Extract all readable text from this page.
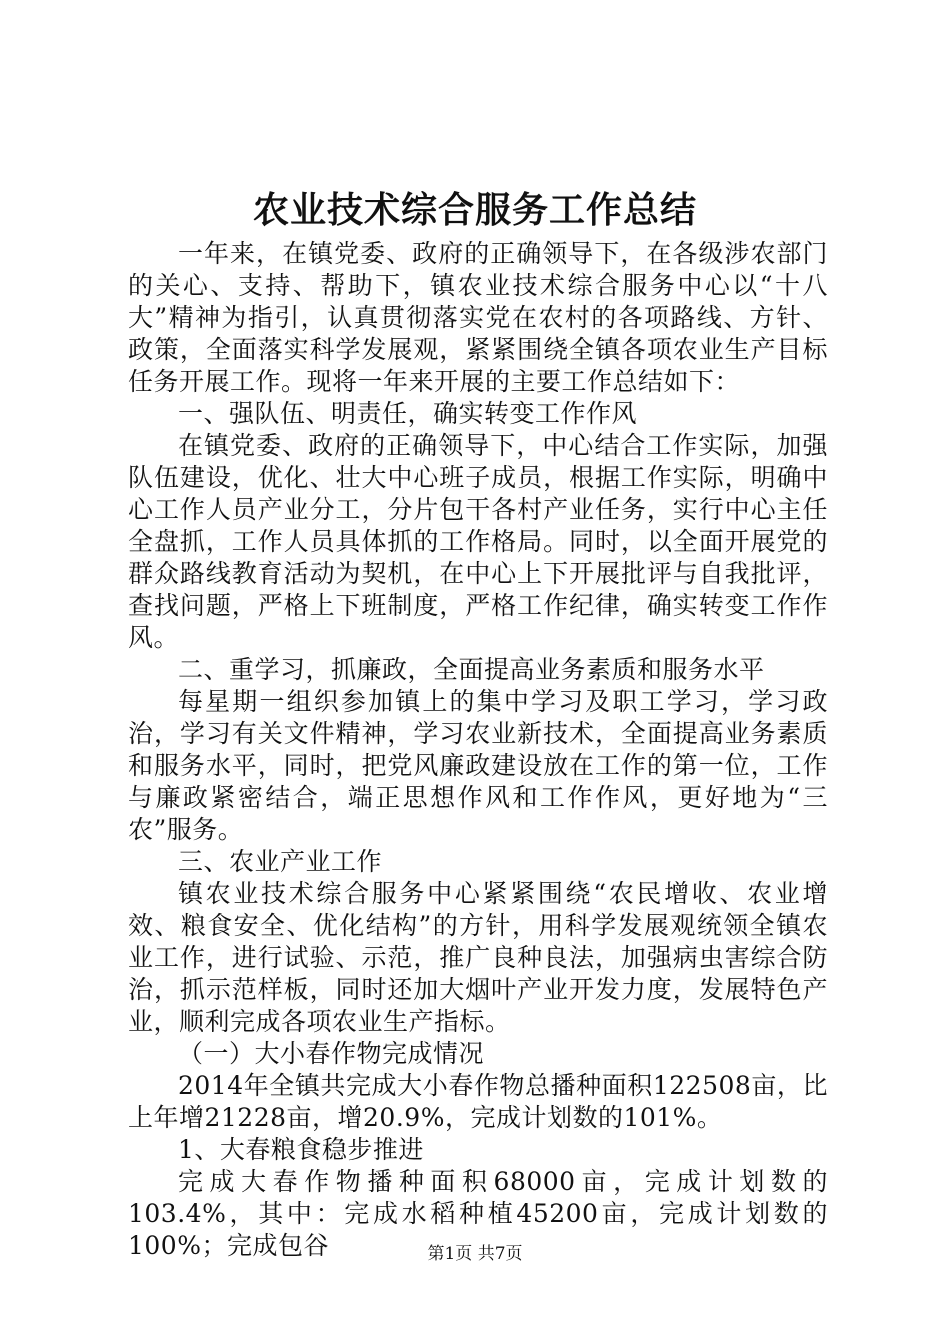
农业技术综合服务工作总结

一年来，在镇党委、政府的正确领导下，在各级涉农部门的关心、支持、帮助下，镇农业技术综合服务中心以“十八大”精神为指引，认真贯彻落实党在农村的各项路线、方针、政策，全面落实科学发展观，紧紧围绕全镇各项农业生产目标任务开展工作。现将一年来开展的主要工作总结如下：

一、强队伍、明责任，确实转变工作作风

在镇党委、政府的正确领导下，中心结合工作实际，加强队伍建设，优化、壮大中心班子成员，根据工作实际，明确中心工作人员产业分工，分片包干各村产业任务，实行中心主任全盘抓，工作人员具体抓的工作格局。同时，以全面开展党的群众路线教育活动为契机，在中心上下开展批评与自我批评，查找问题，严格上下班制度，严格工作纪律，确实转变工作作风。

二、重学习，抓廉政，全面提高业务素质和服务水平

每星期一组织参加镇上的集中学习及职工学习，学习政治，学习有关文件精神，学习农业新技术，全面提高业务素质和服务水平，同时，把党风廉政建设放在工作的第一位，工作与廉政紧密结合，端正思想作风和工作作风，更好地为“三农”服务。

三、农业产业工作

镇农业技术综合服务中心紧紧围绕“农民增收、农业增效、粮食安全、优化结构”的方针，用科学发展观统领全镇农业工作，进行试验、示范，推广良种良法，加强病虫害综合防治，抓示范样板，同时还加大烟叶产业开发力度，发展特色产业，顺利完成各项农业生产指标。

（一）大小春作物完成情况

2014年全镇共完成大小春作物总播种面积122508亩，比上年增21228亩，增20.9%，完成计划数的101%。

1、大春粮食稳步推进

完成大春作物播种面积68000亩，完成计划数的103.4%，其中：完成水稻种植45200亩，完成计划数的100%；完成包谷	第1页 共7页
